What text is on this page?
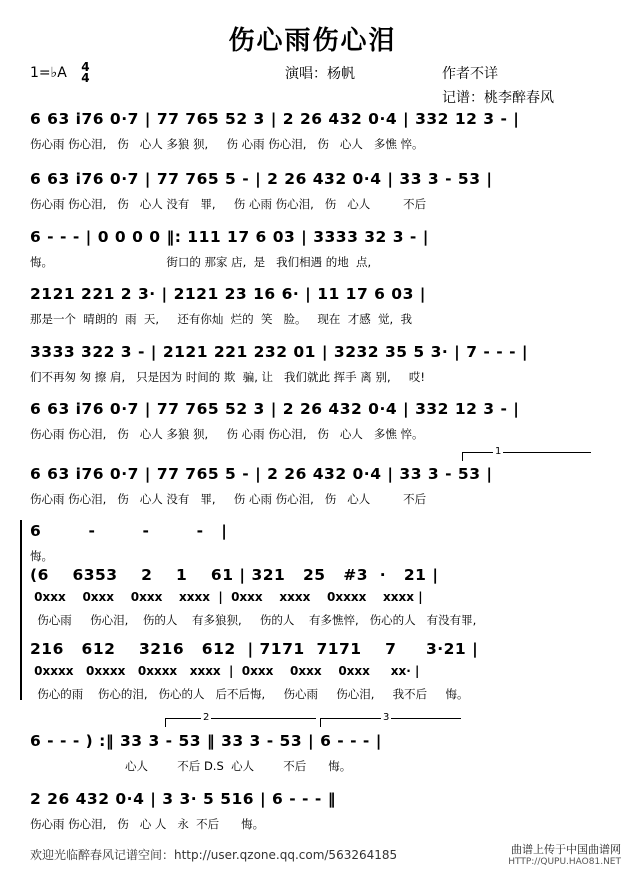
伤心雨伤心泪
1=♭A 4
4	演唱：杨帆	作者不详
记谱：桃李醉春风
6 63 i76 0·7 | 77 765 52 3 | 2 26 432 0·4 | 332 12 3 - |
伤心雨 伤心泪,   伤   心人 多狼 狈,     伤 心雨 伤心泪,   伤   心人   多憔 悴。
6 63 i76 0·7 | 77 765 5 - | 2 26 432 0·4 | 33 3 - 53 |
伤心雨 伤心泪,   伤   心人 没有   罪,     伤 心雨 伤心泪,   伤   心人         不后
6 - - - | 0 0 0 0 ‖: 111 17 6 03 | 3333 32 3 - |
悔。                               街口的 那家 店,  是   我们相遇 的地  点,
2121 221 2 3· | 2121 23 16 6· | 11 17 6 03 |
那是一个  晴朗的  雨  天,     还有你灿  烂的  笑   脸。   现在  才感  觉,  我
3333 322 3 - | 2121 221 232 01 | 3232 35 5 3· | 7 - - - |
们不再匆 匆 擦 肩,   只是因为 时间的 欺  骗, 让   我们就此 挥手 离 别,     哎!
6 63 i76 0·7 | 77 765 52 3 | 2 26 432 0·4 | 332 12 3 - |
伤心雨 伤心泪,   伤   心人 多狼 狈,     伤 心雨 伤心泪,   伤   心人   多憔 悴。
6 63 i76 0·7 | 77 765 5 - | 2 26 432 0·4 | 33 3 - 53 |
伤心雨 伤心泪,   伤   心人 没有   罪,     伤 心雨 伤心泪,   伤   心人         不后
1
6        -        -        -   |
悔。
(6    6353    2    1    61 | 321   25   #3  ·   21 |
0xxx    0xxx    0xxx    xxxx  |  0xxx    xxxx    0xxxx    xxxx |
伤心雨     伤心泪,    伤的人    有多狼狈,     伤的人    有多憔悴,   伤心的人   有没有罪,
216   612    3216   612  | 7171  7171    7     3·21 |
0xxxx   0xxxx   0xxxx   xxxx  |  0xxx    0xxx    0xxx     xx· |
伤心的雨    伤心的泪,   伤心的人   后不后悔,     伤心雨     伤心泪,     我不后     悔。
2	3
6 - - - ) :‖ 33 3 - 53 ‖ 33 3 - 53 | 6 - - - |
心人        不后 D.S  心人        不后      悔。
2 26 432 0·4 | 3 3· 5 516 | 6 - - - ‖
伤心雨 伤心泪,   伤   心 人   永  不后      悔。
欢迎光临醉春风记谱空间：http://user.qzone.qq.com/563264185	曲谱上传于中国曲谱网
HTTP://QUPU.HAO81.NET
